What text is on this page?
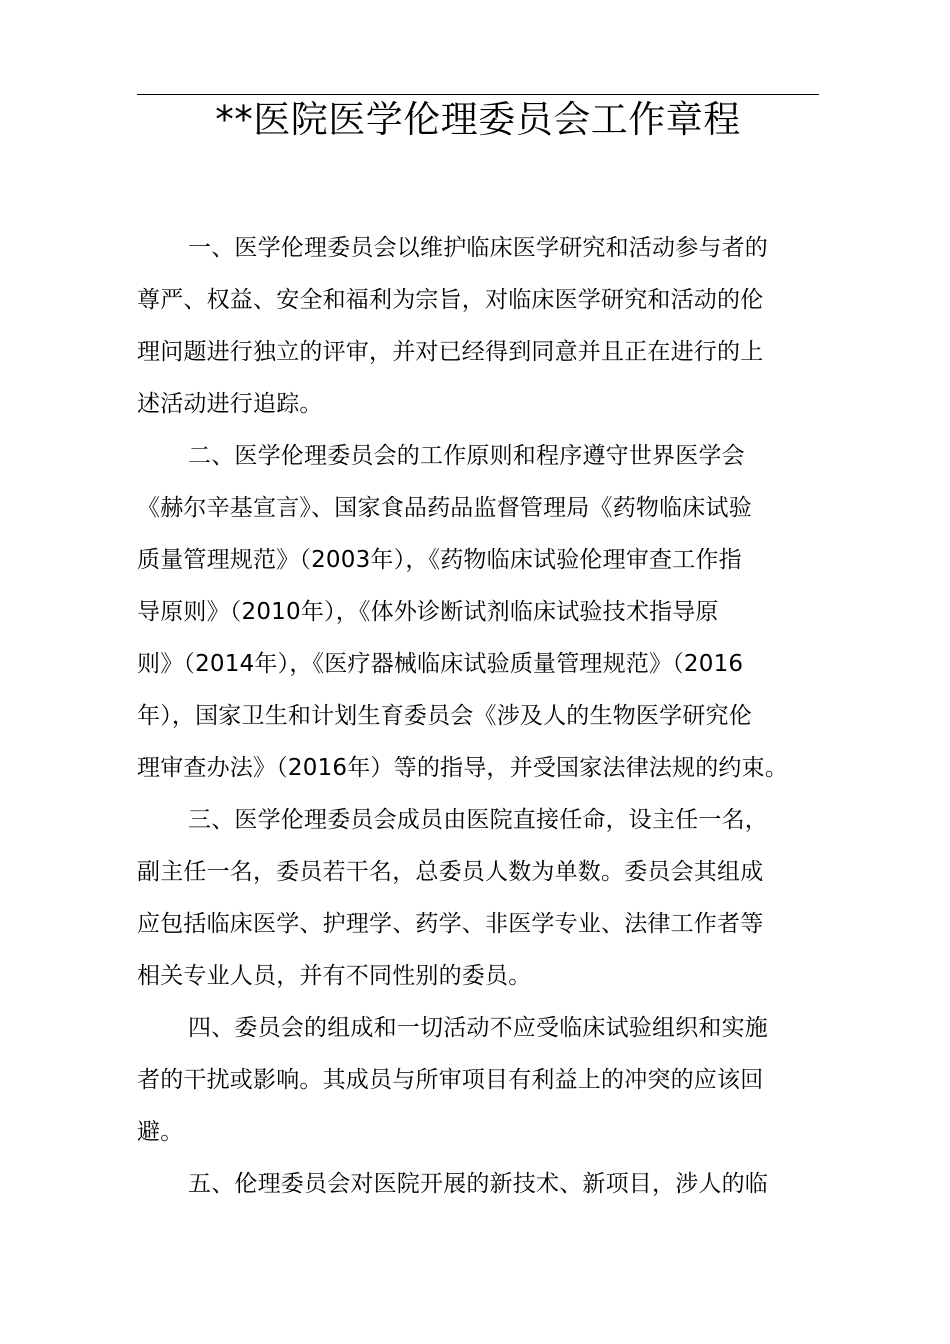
**医院医学伦理委员会工作章程
一、医学伦理委员会以维护临床医学研究和活动参与者的
尊严、权益、安全和福利为宗旨，对临床医学研究和活动的伦
理问题进行独立的评审，并对已经得到同意并且正在进行的上
述活动进行追踪。
二、医学伦理委员会的工作原则和程序遵守世界医学会
《赫尔辛基宣言》、国家食品药品监督管理局《药物临床试验
质量管理规范》（2003年），《药物临床试验伦理审查工作指
导原则》（2010年），《体外诊断试剂临床试验技术指导原
则》（2014年），《医疗器械临床试验质量管理规范》（2016
年），国家卫生和计划生育委员会《涉及人的生物医学研究伦
理审查办法》（2016年）等的指导，并受国家法律法规的约束。
三、医学伦理委员会成员由医院直接任命，设主任一名，
副主任一名，委员若干名，总委员人数为单数。委员会其组成
应包括临床医学、护理学、药学、非医学专业、法律工作者等
相关专业人员，并有不同性别的委员。
四、委员会的组成和一切活动不应受临床试验组织和实施
者的干扰或影响。其成员与所审项目有利益上的冲突的应该回
避。
五、伦理委员会对医院开展的新技术、新项目，涉人的临
